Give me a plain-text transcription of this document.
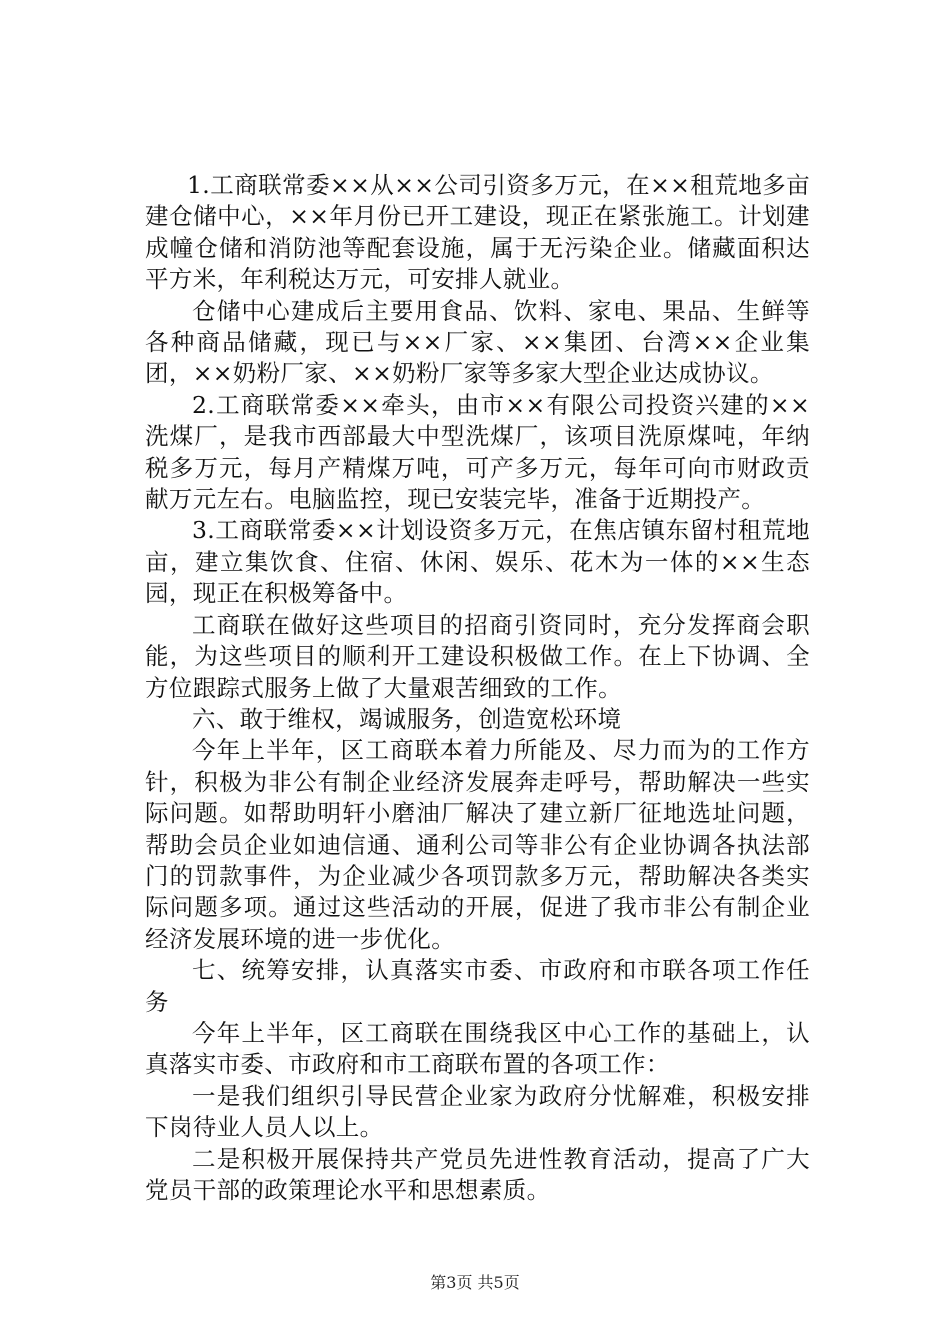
1.工商联常委××从××公司引资多万元，在××租荒地多亩建仓储中心，××年月份已开工建设，现正在紧张施工。计划建成幢仓储和消防池等配套设施，属于无污染企业。储藏面积达平方米，年利税达万元，可安排人就业。

仓储中心建成后主要用食品、饮料、家电、果品、生鲜等各种商品储藏，现已与××厂家、××集团、台湾××企业集团，××奶粉厂家、××奶粉厂家等多家大型企业达成协议。

2.工商联常委××牵头，由市××有限公司投资兴建的××洗煤厂，是我市西部最大中型洗煤厂，该项目洗原煤吨，年纳税多万元，每月产精煤万吨，可产多万元，每年可向市财政贡献万元左右。电脑监控，现已安装完毕，准备于近期投产。

3.工商联常委××计划设资多万元，在焦店镇东留村租荒地亩，建立集饮食、住宿、休闲、娱乐、花木为一体的××生态园，现正在积极筹备中。

工商联在做好这些项目的招商引资同时，充分发挥商会职能，为这些项目的顺利开工建设积极做工作。在上下协调、全方位跟踪式服务上做了大量艰苦细致的工作。

六、敢于维权，竭诚服务，创造宽松环境

今年上半年，区工商联本着力所能及、尽力而为的工作方针，积极为非公有制企业经济发展奔走呼号，帮助解决一些实际问题。如帮助明轩小磨油厂解决了建立新厂征地选址问题，帮助会员企业如迪信通、通利公司等非公有企业协调各执法部门的罚款事件，为企业减少各项罚款多万元，帮助解决各类实际问题多项。通过这些活动的开展，促进了我市非公有制企业经济发展环境的进一步优化。

七、统筹安排，认真落实市委、市政府和市联各项工作任务

今年上半年，区工商联在围绕我区中心工作的基础上，认真落实市委、市政府和市工商联布置的各项工作：

一是我们组织引导民营企业家为政府分忧解难，积极安排下岗待业人员人以上。

二是积极开展保持共产党员先进性教育活动，提高了广大党员干部的政策理论水平和思想素质。

第3页 共5页
